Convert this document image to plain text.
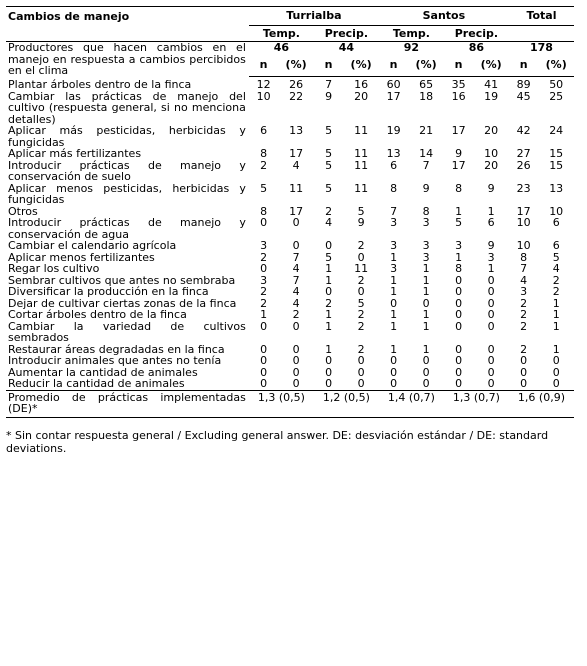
Cambios de manejo	Turrialba				Santos				Total	
	Temp.		Precip.		Temp.		Precip.			
Productores que hacen cambios en el manejo en respuesta a cambios percibidos en el clima	46		44		92		86		178	
	n	(%)	n	(%)	n	(%)	n	(%)	n	(%)
Plantar árboles dentro de la finca	12	26	7	16	60	65	35	41	89	50
Cambiar las prácticas de manejo del cultivo (respuesta general, si no menciona detalles)	10	22	9	20	17	18	16	19	45	25
Aplicar más pesticidas, herbicidas y fungicidas	6	13	5	11	19	21	17	20	42	24
Aplicar más fertilizantes	8	17	5	11	13	14	9	10	27	15
Introducir prácticas de manejo y conservación de suelo	2	4	5	11	6	7	17	20	26	15
Aplicar menos pesticidas, herbicidas y fungicidas	5	11	5	11	8	9	8	9	23	13
Otros	8	17	2	5	7	8	1	1	17	10
Introducir prácticas de manejo y conservación de agua	0	0	4	9	3	3	5	6	10	6
Cambiar el calendario agrícola	3	0	0	2	3	3	3	9	10	6
Aplicar menos fertilizantes	2	7	5	0	1	3	1	3	8	5
Regar los cultivo	0	4	1	11	3	1	8	1	7	4
Sembrar cultivos que antes no sembraba	3	7	1	2	1	1	0	0	4	2
Diversificar la producción en la finca	2	4	0	0	1	1	0	0	3	2
Dejar de cultivar ciertas zonas de la finca	2	4	2	5	0	0	0	0	2	1
Cortar árboles dentro de la finca	1	2	1	2	1	1	0	0	2	1
Cambiar la variedad de cultivos sembrados	0	0	1	2	1	1	0	0	2	1
Restaurar áreas degradadas en la finca	0	0	1	2	1	1	0	0	2	1
Introducir animales que antes no tenía	0	0	0	0	0	0	0	0	0	0
Aumentar la cantidad de animales	0	0	0	0	0	0	0	0	0	0
Reducir la cantidad de animales	0	0	0	0	0	0	0	0	0	0
Promedio de prácticas implementadas (DE)*	1,3 (0,5)		1,2 (0,5)		1,4 (0,7)		1,3 (0,7)		1,6 (0,9)	
* Sin contar respuesta general / Excluding general answer. DE: desviación estándar / DE: standard deviations.
